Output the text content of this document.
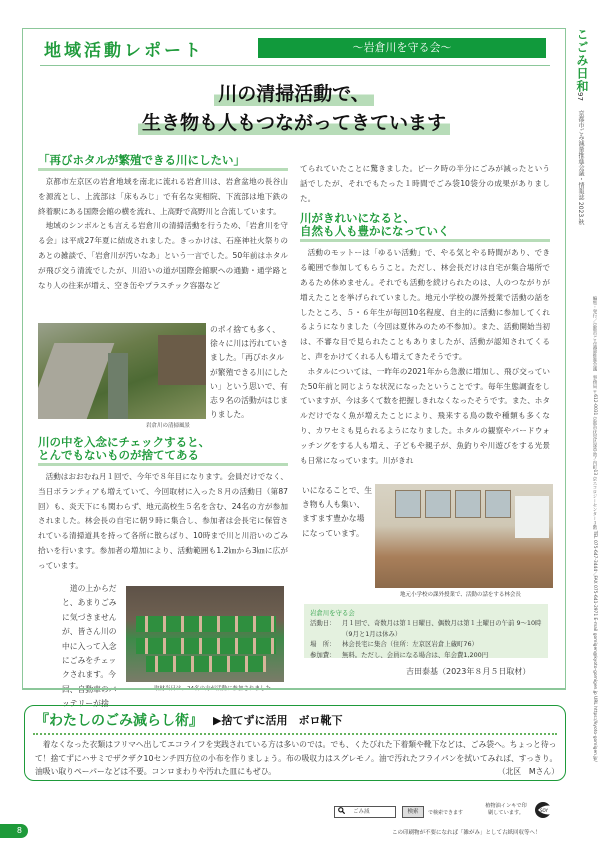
地域活動レポート	～岩倉川を守る会～
川の清掃活動で、
生き物も人もつながってきています
「再びホタルが繁殖できる川にしたい」

京都市左京区の岩倉地域を南北に流れる岩倉川は、岩倉盆地の長谷山を源流とし、上流部は「床もみじ」で有名な実相院、下流部は地下鉄の終着駅にある国際会館の横を流れ、上高野で高野川と合流しています。

地域のシンボルとも言える岩倉川の清掃活動を行うため、「岩倉川を守る会」は平成27年夏に結成されました。きっかけは、石座神社火祭りのあとの雑談で、「岩倉川が汚いなあ」という一言でした。50年前はホタルが飛び交う清流でしたが、川沿いの道が国際会館駅への通勤・通学路となり人の往来が増え、空き缶やプラスチック容器など

岩倉川の清掃風景
のポイ捨ても多く、徐々に川は汚れていきました。「再びホタルが繁殖できる川にしたい」という思いで、有志９名の活動がはじまりました。
川の中を入念にチェックすると、
とんでもないものが捨ててある

活動はおおむね月１回で、今年で８年目になります。会員だけでなく、当日ボランティアも増えていて、今回取材に入った８月の活動日（第87回）も、炎天下にも関わらず、地元高校生５名を含む、24名の方が参加されました。林会長の自宅に朝９時に集合し、参加者は会長宅に保管されている清掃道具を持って各所に散らばり、10時まで川と川沿いのごみ拾いを行います。参加者の増加により、活動範囲も1.2㎞から3㎞に広がっています。

道の上からだと、あまりごみに気づきませんが、皆さん川の中に入って入念にごみをチェックされます。今回、自動車のバッテリーが捨
取材当日は、24名の方が活動に参加されました

てられていたことに驚きました。ピーク時の半分にごみが減ったという話でしたが、それでもたった１時間でごみ袋10袋分の成果がありました。

川がきれいになると、
自然も人も豊かになっていく

活動のモットーは「ゆるい活動」で、やる気とやる時間があり、できる範囲で参加してもらうこと。ただし、林会長だけは自宅が集合場所であるため休めません。それでも活動を続けられたのは、人のつながりが増えたことを挙げられていました。地元小学校の課外授業で活動の話をしたところ、５・６年生が毎回10名程度、自主的に活動に参加してくれるようになりました（今回は夏休みのため不参加）。また、活動開始当初は、不審な目で見られたこともありましたが、活動が認知されてくると、声をかけてくれる人も増えてきたそうです。

ホタルについては、一昨年の2021年から急激に増加し、飛び交っていた50年前と同じような状況になったということです。毎年生態調査をしていますが、今は多くて数を把握しきれなくなったそうです。また、ホタルだけでなく魚が増えたことにより、飛来する鳥の数や種類も多くなり、カワセミも見られるようになりました。ホタルの観察やバードウォッチングをする人も増え、子どもや親子が、魚釣りや川遊びをする光景も日常になっています。川がきれ

いになることで、生き物も人も集い、ますます豊かな場になっています。
地元小学校の課外授業で、活動の話をする林会長
岩倉川を守る会
活動日：	月１回で、奇数月は第１日曜日、偶数月は第１土曜日の午前 9～10時（9月と1月は休み）
場　所：	林会長宅に集合（住所：左京区岩倉上蔵町76）
参加費：	無料。ただし、会員になる場合は、年会費1,200円
吉田泰基（2023年８月５日取材）
『わたしのごみ減らし術』 ▶捨てずに活用　ボロ靴下

着なくなった衣類はフリマへ出してエコライフを実践されている方は多いのでは。でも、くたびれた下着類や靴下などは、ごみ袋へ。ちょっと待って！捨てずにハサミでザクザク10センチ四方位の小布を作りましょう。布の吸収力はスグレモノ。油で汚れたフライパンを拭いてみれば、すっきり。油吸い取りペーパーなどは不要。コンロまわりや汚れた皿にもぜひ。	（北区　Mさん）

8
ごみ減	検索	で検索できます
植物油インキで印刷しています。	SOY
この印刷物が不要になれば「雑がみ」として古紙回収等へ！
こごみ日和
97
京都市ごみ減量推進会議・情報誌 2023.秋
編集・発行／京都市ごみ減量推進会議　事務局 〒612-0031 京都市伏見区深草池ノ内町13 京エコロジーセンター３階 TEL 075-647-3444／FAX 075-641-2971 E-mail gomigen@kyoto-gomigen.jp URL https://kyoto-gomigen.jp/
